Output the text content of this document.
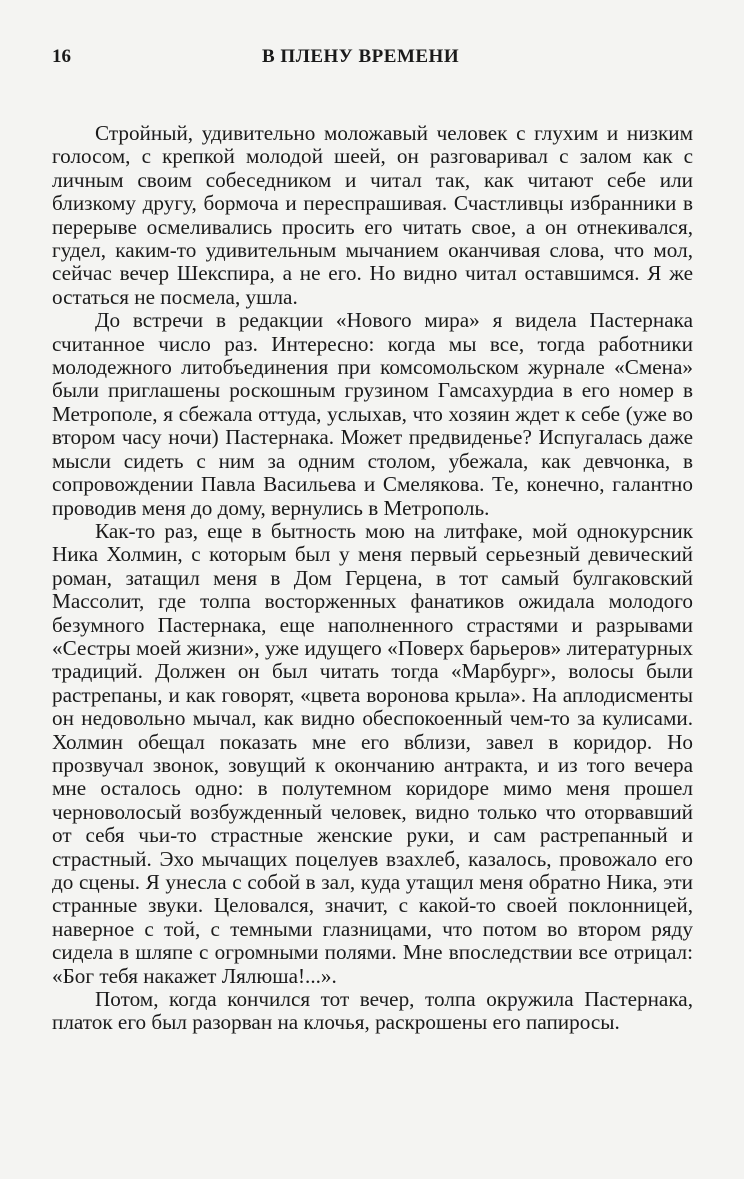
16	В ПЛЕНУ ВРЕМЕНИ

Стройный, удивительно моложавый человек с глухим и низким голосом, с крепкой молодой шеей, он разговаривал с залом как с личным своим собеседником и читал так, как читают себе или близкому другу, бормоча и переспрашивая. Счастливцы избранники в перерыве осмеливались просить его читать свое, а он отнекивался, гудел, каким-то удивительным мычанием оканчивая слова, что мол, сейчас вечер Шекспира, а не его. Но видно читал оставшимся. Я же остаться не посмела, ушла.

До встречи в редакции «Нового мира» я видела Пастернака считанное число раз. Интересно: когда мы все, тогда работники молодежного литобъединения при комсомольском журнале «Смена» были приглашены роскошным грузином Гамсахурдиа в его номер в Метрополе, я сбежала оттуда, услыхав, что хозяин ждет к себе (уже во втором часу ночи) Пастернака. Может предвиденье? Испугалась даже мысли сидеть с ним за одним столом, убежала, как девчонка, в сопровождении Павла Васильева и Смелякова. Те, конечно, галантно проводив меня до дому, вернулись в Метрополь.

Как-то раз, еще в бытность мою на литфаке, мой однокурсник Ника Холмин, с которым был у меня первый серьезный девический роман, затащил меня в Дом Герцена, в тот самый булгаковский Массолит, где толпа восторженных фанатиков ожидала молодого безумного Пастернака, еще наполненного страстями и разрывами «Сестры моей жизни», уже идущего «Поверх барьеров» литературных традиций. Должен он был читать тогда «Марбург», волосы были растрепаны, и как говорят, «цвета воронова крыла». На аплодисменты он недовольно мычал, как видно обеспокоенный чем-то за кулисами. Холмин обещал показать мне его вблизи, завел в коридор. Но прозвучал звонок, зовущий к окончанию антракта, и из того вечера мне осталось одно: в полутемном коридоре мимо меня прошел черноволосый возбужденный человек, видно только что оторвавший от себя чьи-то страстные женские руки, и сам растрепанный и страстный. Эхо мычащих поцелуев взахлеб, казалось, провожало его до сцены. Я унесла с собой в зал, куда утащил меня обратно Ника, эти странные звуки. Целовался, значит, с какой-то своей поклонницей, наверное с той, с темными глазницами, что потом во втором ряду сидела в шляпе с огромными полями. Мне впоследствии все отрицал: «Бог тебя накажет Лялюша!...».

Потом, когда кончился тот вечер, толпа окружила Пастернака, платок его был разорван на клочья, раскрошены его папиросы.
